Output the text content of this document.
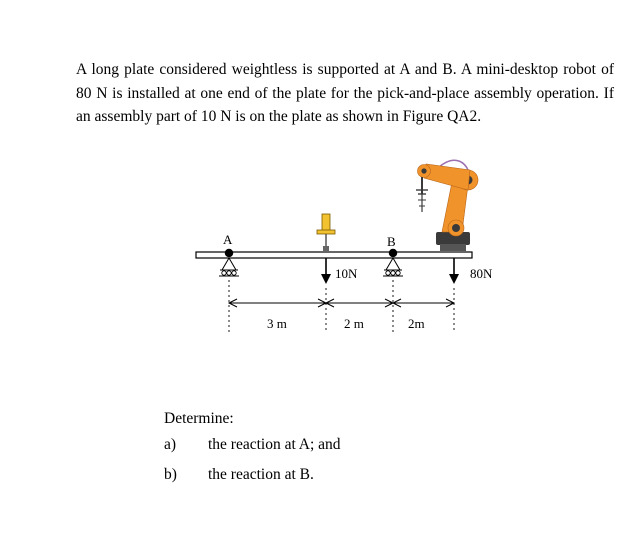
A long plate considered weightless is supported at A and B. A mini-desktop robot of 80 N is installed at one end of the plate for the pick-and-place assembly operation. If an assembly part of 10 N is on the plate as shown in Figure QA2.

A	B
10N	80N
3 m	2 m	2m

Determine:

a) the reaction at A; and
b) the reaction at B.
